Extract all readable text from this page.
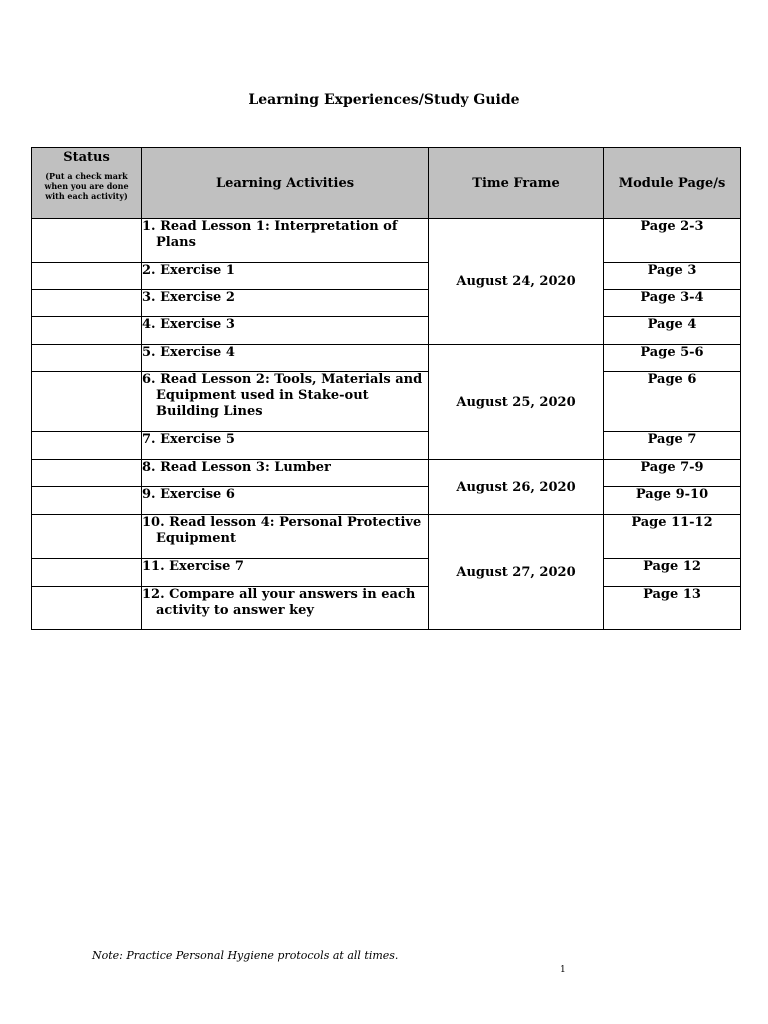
Learning Experiences/Study Guide
Status
(Put a check mark when you are done with each activity)	Learning Activities	Time Frame	Module Page/s

	1. Read Lesson 1: Interpretation of Plans	August 24, 2020	Page 2-3

	2. Exercise 1		Page 3

	3. Exercise 2		Page 3-4

	4. Exercise 3		Page 4

	5. Exercise 4	August 25, 2020	Page 5-6

	6. Read Lesson 2: Tools, Materials and Equipment used in Stake-out Building Lines		Page 6

	7. Exercise 5		Page 7

	8. Read Lesson 3: Lumber	August 26, 2020	Page 7-9

	9. Exercise 6		Page 9-10

	10. Read lesson 4: Personal Protective Equipment	August 27, 2020	Page 11-12

	11. Exercise 7		Page 12

	12. Compare all your answers in each activity to answer key		Page 13
Note: Practice Personal Hygiene protocols at all times.
1
